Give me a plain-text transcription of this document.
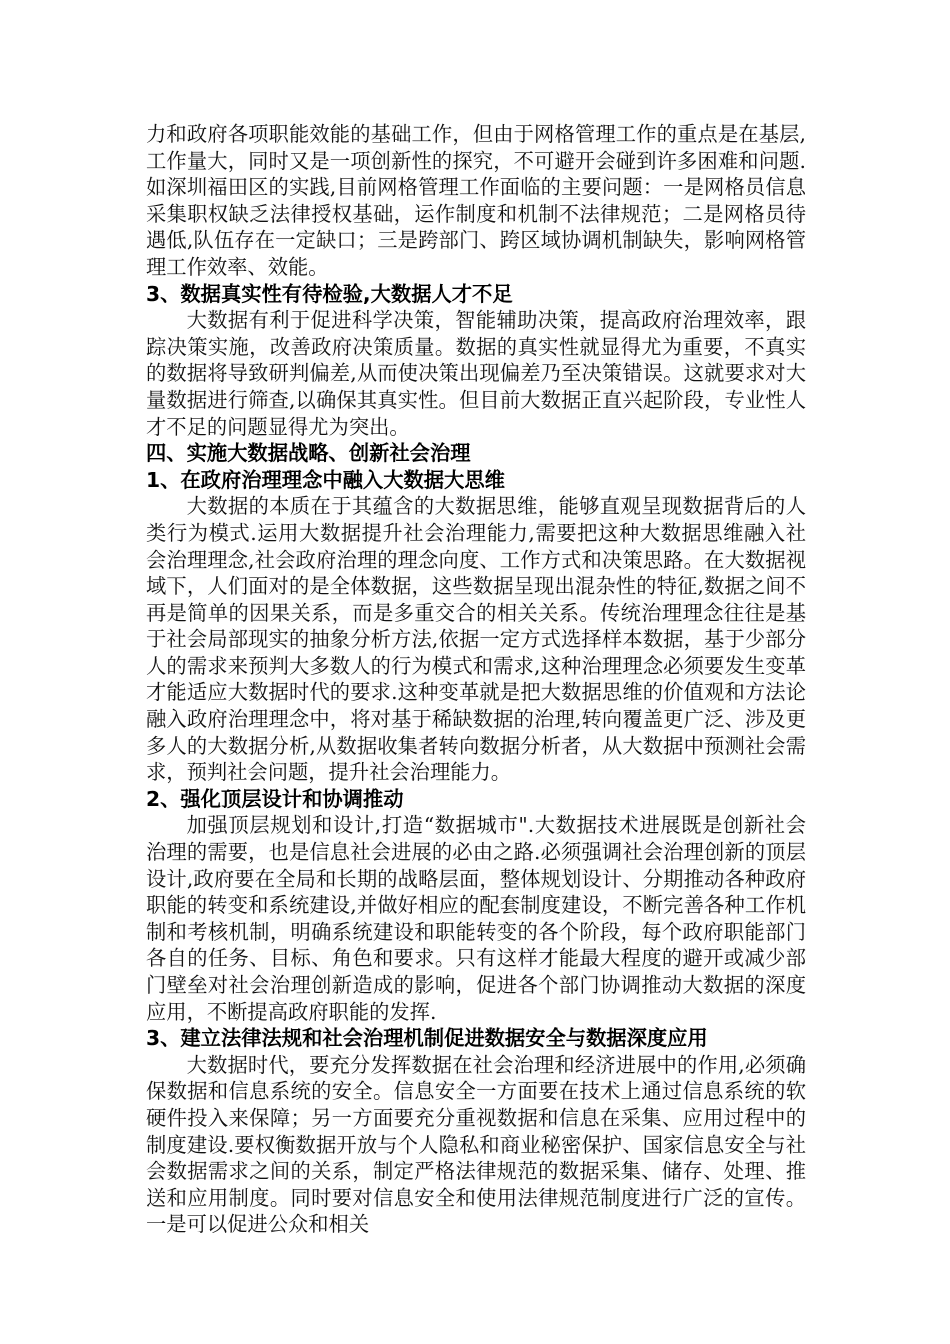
力和政府各项职能效能的基础工作，但由于网格管理工作的重点是在基层,工作量大，同时又是一项创新性的探究，不可避开会碰到许多困难和问题.如深圳福田区的实践,目前网格管理工作面临的主要问题：一是网格员信息采集职权缺乏法律授权基础，运作制度和机制不法律规范；二是网格员待遇低,队伍存在一定缺口；三是跨部门、跨区域协调机制缺失，影响网格管理工作效率、效能。

3、数据真实性有待检验,大数据人才不足

大数据有利于促进科学决策，智能辅助决策，提高政府治理效率，跟踪决策实施，改善政府决策质量。数据的真实性就显得尤为重要，不真实的数据将导致研判偏差,从而使决策出现偏差乃至决策错误。这就要求对大量数据进行筛查,以确保其真实性。但目前大数据正直兴起阶段，专业性人才不足的问题显得尤为突出。

四、实施大数据战略、创新社会治理
1、在政府治理理念中融入大数据大思维

大数据的本质在于其蕴含的大数据思维，能够直观呈现数据背后的人类行为模式.运用大数据提升社会治理能力,需要把这种大数据思维融入社会治理理念,社会政府治理的理念向度、工作方式和决策思路。在大数据视域下，人们面对的是全体数据，这些数据呈现出混杂性的特征,数据之间不再是简单的因果关系，而是多重交合的相关关系。传统治理理念往往是基于社会局部现实的抽象分析方法,依据一定方式选择样本数据，基于少部分人的需求来预判大多数人的行为模式和需求,这种治理理念必须要发生变革才能适应大数据时代的要求.这种变革就是把大数据思维的价值观和方法论融入政府治理理念中，将对基于稀缺数据的治理,转向覆盖更广泛、涉及更多人的大数据分析,从数据收集者转向数据分析者，从大数据中预测社会需求，预判社会问题，提升社会治理能力。

2、强化顶层设计和协调推动

加强顶层规划和设计,打造“数据城市".大数据技术进展既是创新社会治理的需要，也是信息社会进展的必由之路.必须强调社会治理创新的顶层设计,政府要在全局和长期的战略层面，整体规划设计、分期推动各种政府职能的转变和系统建设,并做好相应的配套制度建设，不断完善各种工作机制和考核机制，明确系统建设和职能转变的各个阶段，每个政府职能部门各自的任务、目标、角色和要求。只有这样才能最大程度的避开或减少部门壁垒对社会治理创新造成的影响，促进各个部门协调推动大数据的深度应用，不断提高政府职能的发挥.

3、建立法律法规和社会治理机制促进数据安全与数据深度应用

大数据时代，要充分发挥数据在社会治理和经济进展中的作用,必须确保数据和信息系统的安全。信息安全一方面要在技术上通过信息系统的软硬件投入来保障；另一方面要充分重视数据和信息在采集、应用过程中的制度建设.要权衡数据开放与个人隐私和商业秘密保护、国家信息安全与社会数据需求之间的关系，制定严格法律规范的数据采集、储存、处理、推送和应用制度。同时要对信息安全和使用法律规范制度进行广泛的宣传。一是可以促进公众和相关
